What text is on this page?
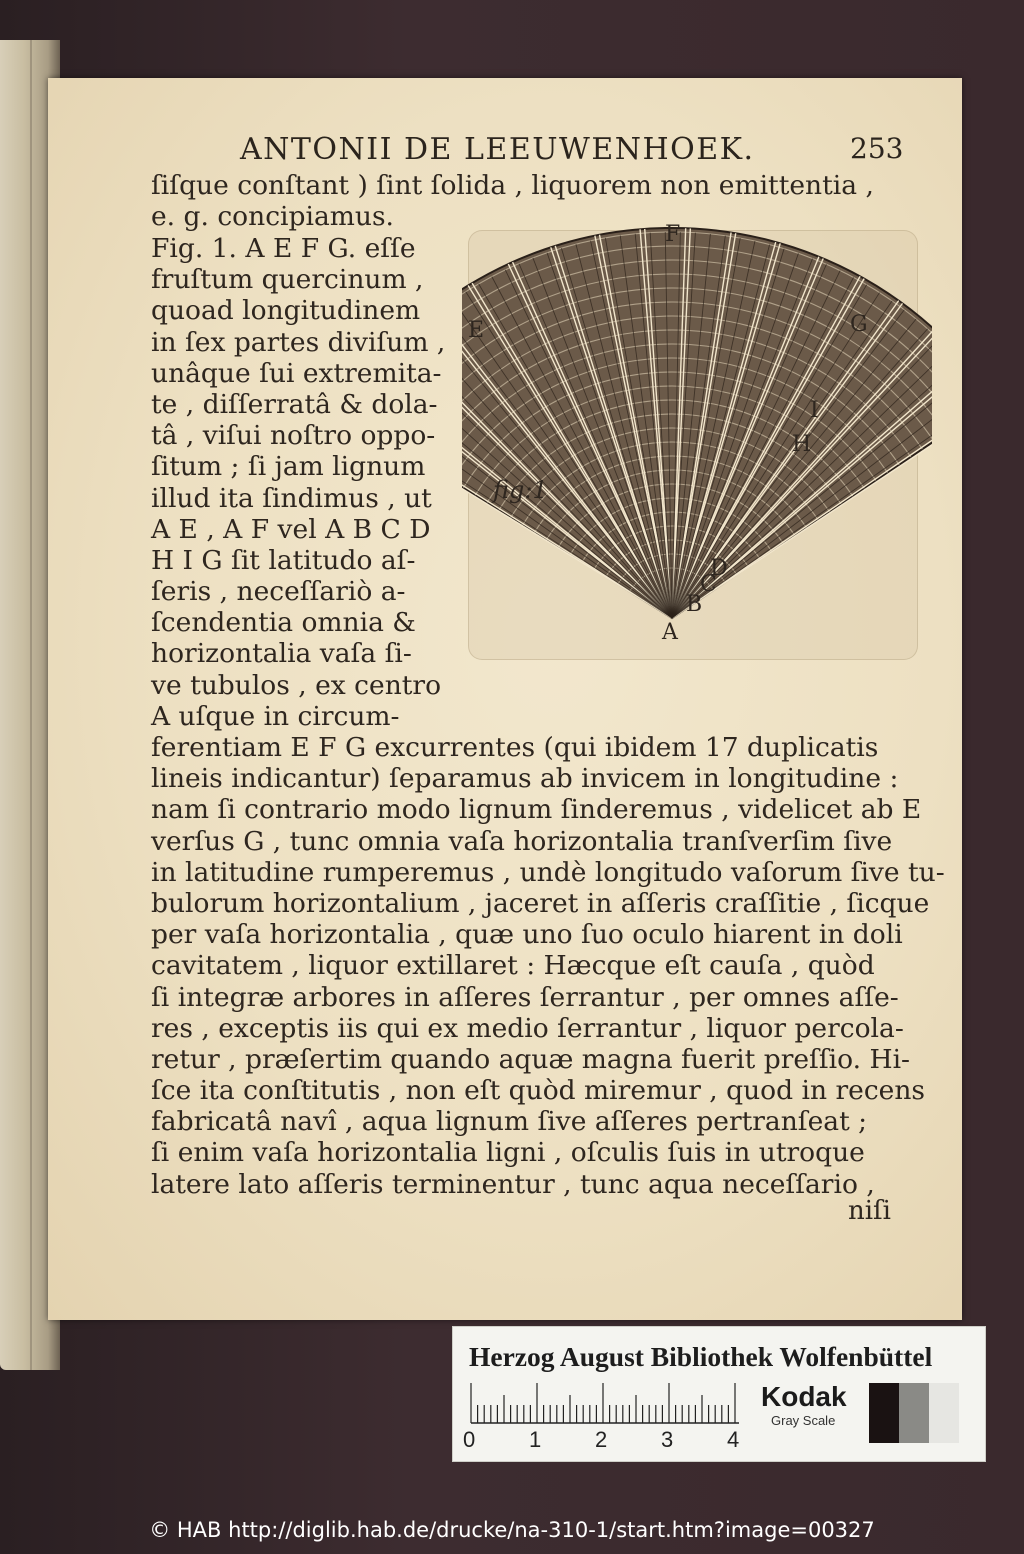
ANTONII DE LEEUWENHOEK.	253
ſiſque conſtant ) ſint ſolida , liquorem non emittentia ,
e. g. concipiamus.
Fig. 1. A E F G. eſſe
fruſtum quercinum ,
quoad longitudinem
in ſex partes diviſum ,
unâque ſui extremita-
te , diſſerratâ & dola-
tâ , viſui noſtro oppo-
ſitum ; ſi jam lignum
illud ita ſindimus , ut
A E , A F vel A B C D
H I G ſit latitudo aſ-
ſeris , neceſſariò a-
ſcendentia omnia &
horizontalia vaſa ſi-
ve tubulos , ex centro
A uſque in circum-
F
E	G
I
H
D
C
B
A
fig:1
ferentiam E F G excurrentes (qui ibidem 17 duplicatis
lineis indicantur) ſeparamus ab invicem in longitudine :
nam ſi contrario modo lignum ſinderemus , videlicet ab E
verſus G , tunc omnia vaſa horizontalia tranſverſim ſive
in latitudine rumperemus , undè longitudo vaſorum ſive tu-
bulorum horizontalium , jaceret in aſſeris craſſitie , ſicque
per vaſa horizontalia , quæ uno ſuo oculo hiarent in doli
cavitatem , liquor extillaret : Hæcque eſt cauſa , quòd
ſi integræ arbores in aſſeres ſerrantur , per omnes aſſe-
res , exceptis iis qui ex medio ſerrantur , liquor percola-
retur , præſertim quando aquæ magna fuerit preſſio. Hi-
ſce ita conſtitutis , non eſt quòd miremur , quod in recens
fabricatâ navî , aqua lignum ſive aſſeres pertranſeat ;
ſi enim vaſa horizontalia ligni , oſculis ſuis in utroque
latere lato aſſeris terminentur , tunc aqua neceſſario ,
niſi
Herzog August Bibliothek Wolfenbüttel
0 1 2 3 4
Kodak
Gray Scale
© HAB http://diglib.hab.de/drucke/na-310-1/start.htm?image=00327
